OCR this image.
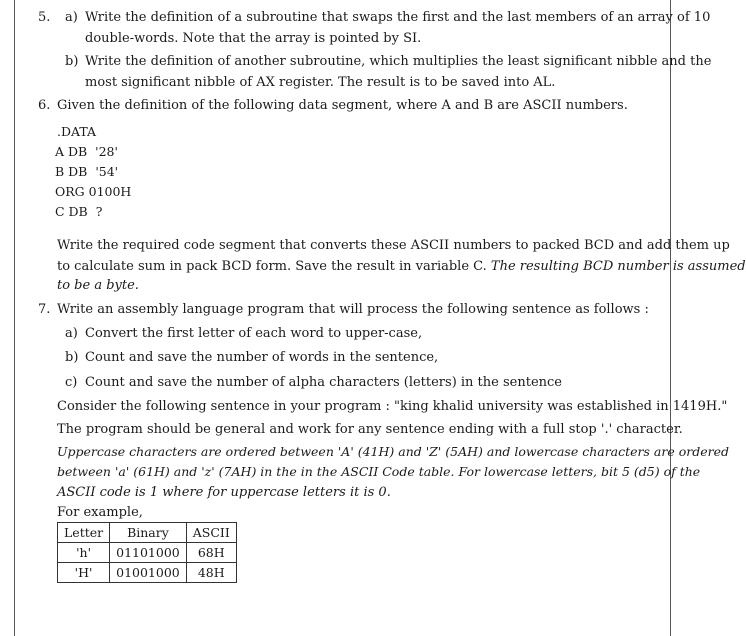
5. a) Write the definition of a subroutine that swaps the first and the last members of an array of 10
double-words. Note that the array is pointed by SI.
b) Write the definition of another subroutine, which multiplies the least significant nibble and the
most significant nibble of AX register. The result is to be saved into AL.
6. Given the definition of the following data segment, where A and B are ASCII numbers.
.DATA
A DB  '28'
B DB  '54'
ORG 0100H
C DB  ?
Write the required code segment that converts these ASCII numbers to packed BCD and add them up
to calculate sum in pack BCD form. Save the result in variable C. The resulting BCD number is assumed
to be a byte.
7. Write an assembly language program that will process the following sentence as follows :
a) Convert the first letter of each word to upper-case,
b) Count and save the number of words in the sentence,
c) Count and save the number of alpha characters (letters) in the sentence
Consider the following sentence in your program : "king khalid university was established in 1419H."
The program should be general and work for any sentence ending with a full stop '.' character.
Uppercase characters are ordered between 'A' (41H) and 'Z' (5AH) and lowercase characters are ordered
between 'a' (61H) and 'z' (7AH) in the in the ASCII Code table. For lowercase letters, bit 5 (d5) of the
ASCII code is 1 where for uppercase letters it is 0.
For example,
Letter	Binary	ASCII
'h'	01101000	68H
'H'	01001000	48H
